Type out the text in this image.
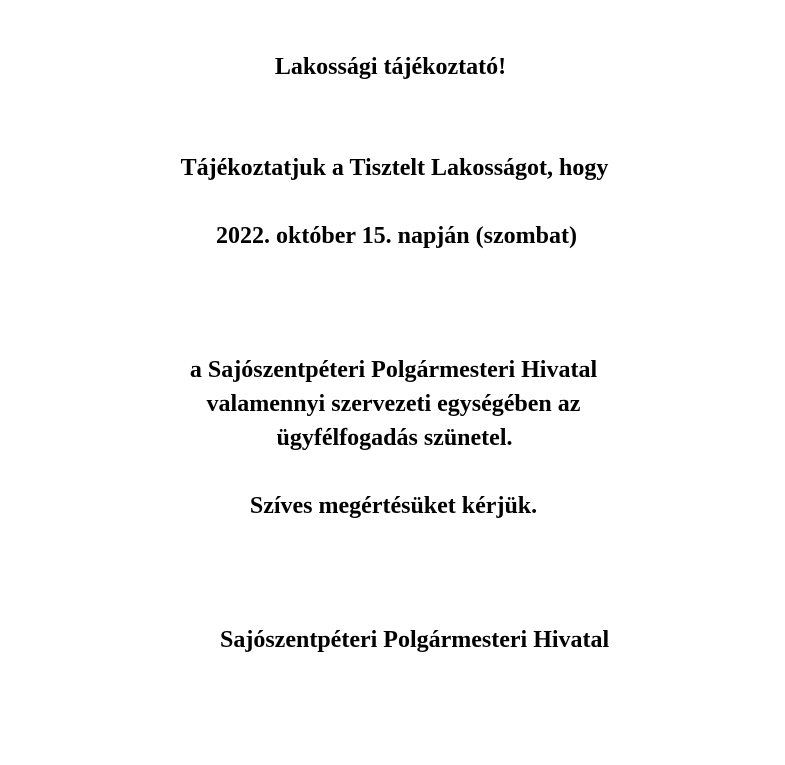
Lakossági tájékoztató!

Tájékoztatjuk a Tisztelt Lakosságot, hogy

2022. október 15. napján (szombat)

a Sajószentpéteri Polgármesteri Hivatal

valamennyi szervezeti egységében az

ügyfélfogadás szünetel.

Szíves megértésüket kérjük.

Sajószentpéteri Polgármesteri Hivatal
